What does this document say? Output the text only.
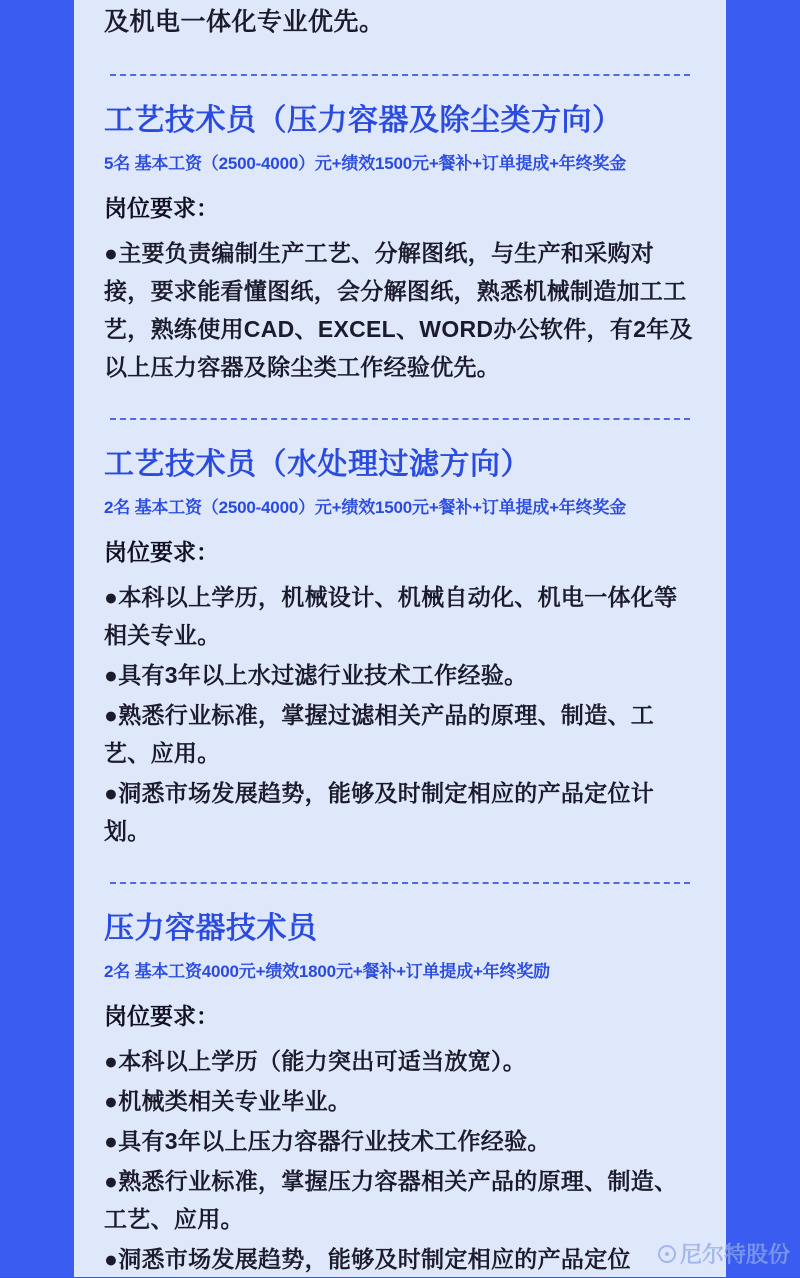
及机电一体化专业优先。

工艺技术员（压力容器及除尘类方向）

5名 基本工资（2500-4000）元+绩效1500元+餐补+订单提成+年终奖金

岗位要求：

●主要负责编制生产工艺、分解图纸，与生产和采购对接，要求能看懂图纸，会分解图纸，熟悉机械制造加工工艺，熟练使用CAD、EXCEL、WORD办公软件，有2年及以上压力容器及除尘类工作经验优先。

工艺技术员（水处理过滤方向）

2名 基本工资（2500-4000）元+绩效1500元+餐补+订单提成+年终奖金

岗位要求：

●本科以上学历，机械设计、机械自动化、机电一体化等相关专业。

●具有3年以上水过滤行业技术工作经验。

●熟悉行业标准，掌握过滤相关产品的原理、制造、工艺、应用。

●洞悉市场发展趋势，能够及时制定相应的产品定位计划。

压力容器技术员

2名 基本工资4000元+绩效1800元+餐补+订单提成+年终奖励

岗位要求：

●本科以上学历（能力突出可适当放宽）。

●机械类相关专业毕业。

●具有3年以上压力容器行业技术工作经验。

●熟悉行业标准，掌握压力容器相关产品的原理、制造、工艺、应用。

●洞悉市场发展趋势，能够及时制定相应的产品定位	尼尔特股份
